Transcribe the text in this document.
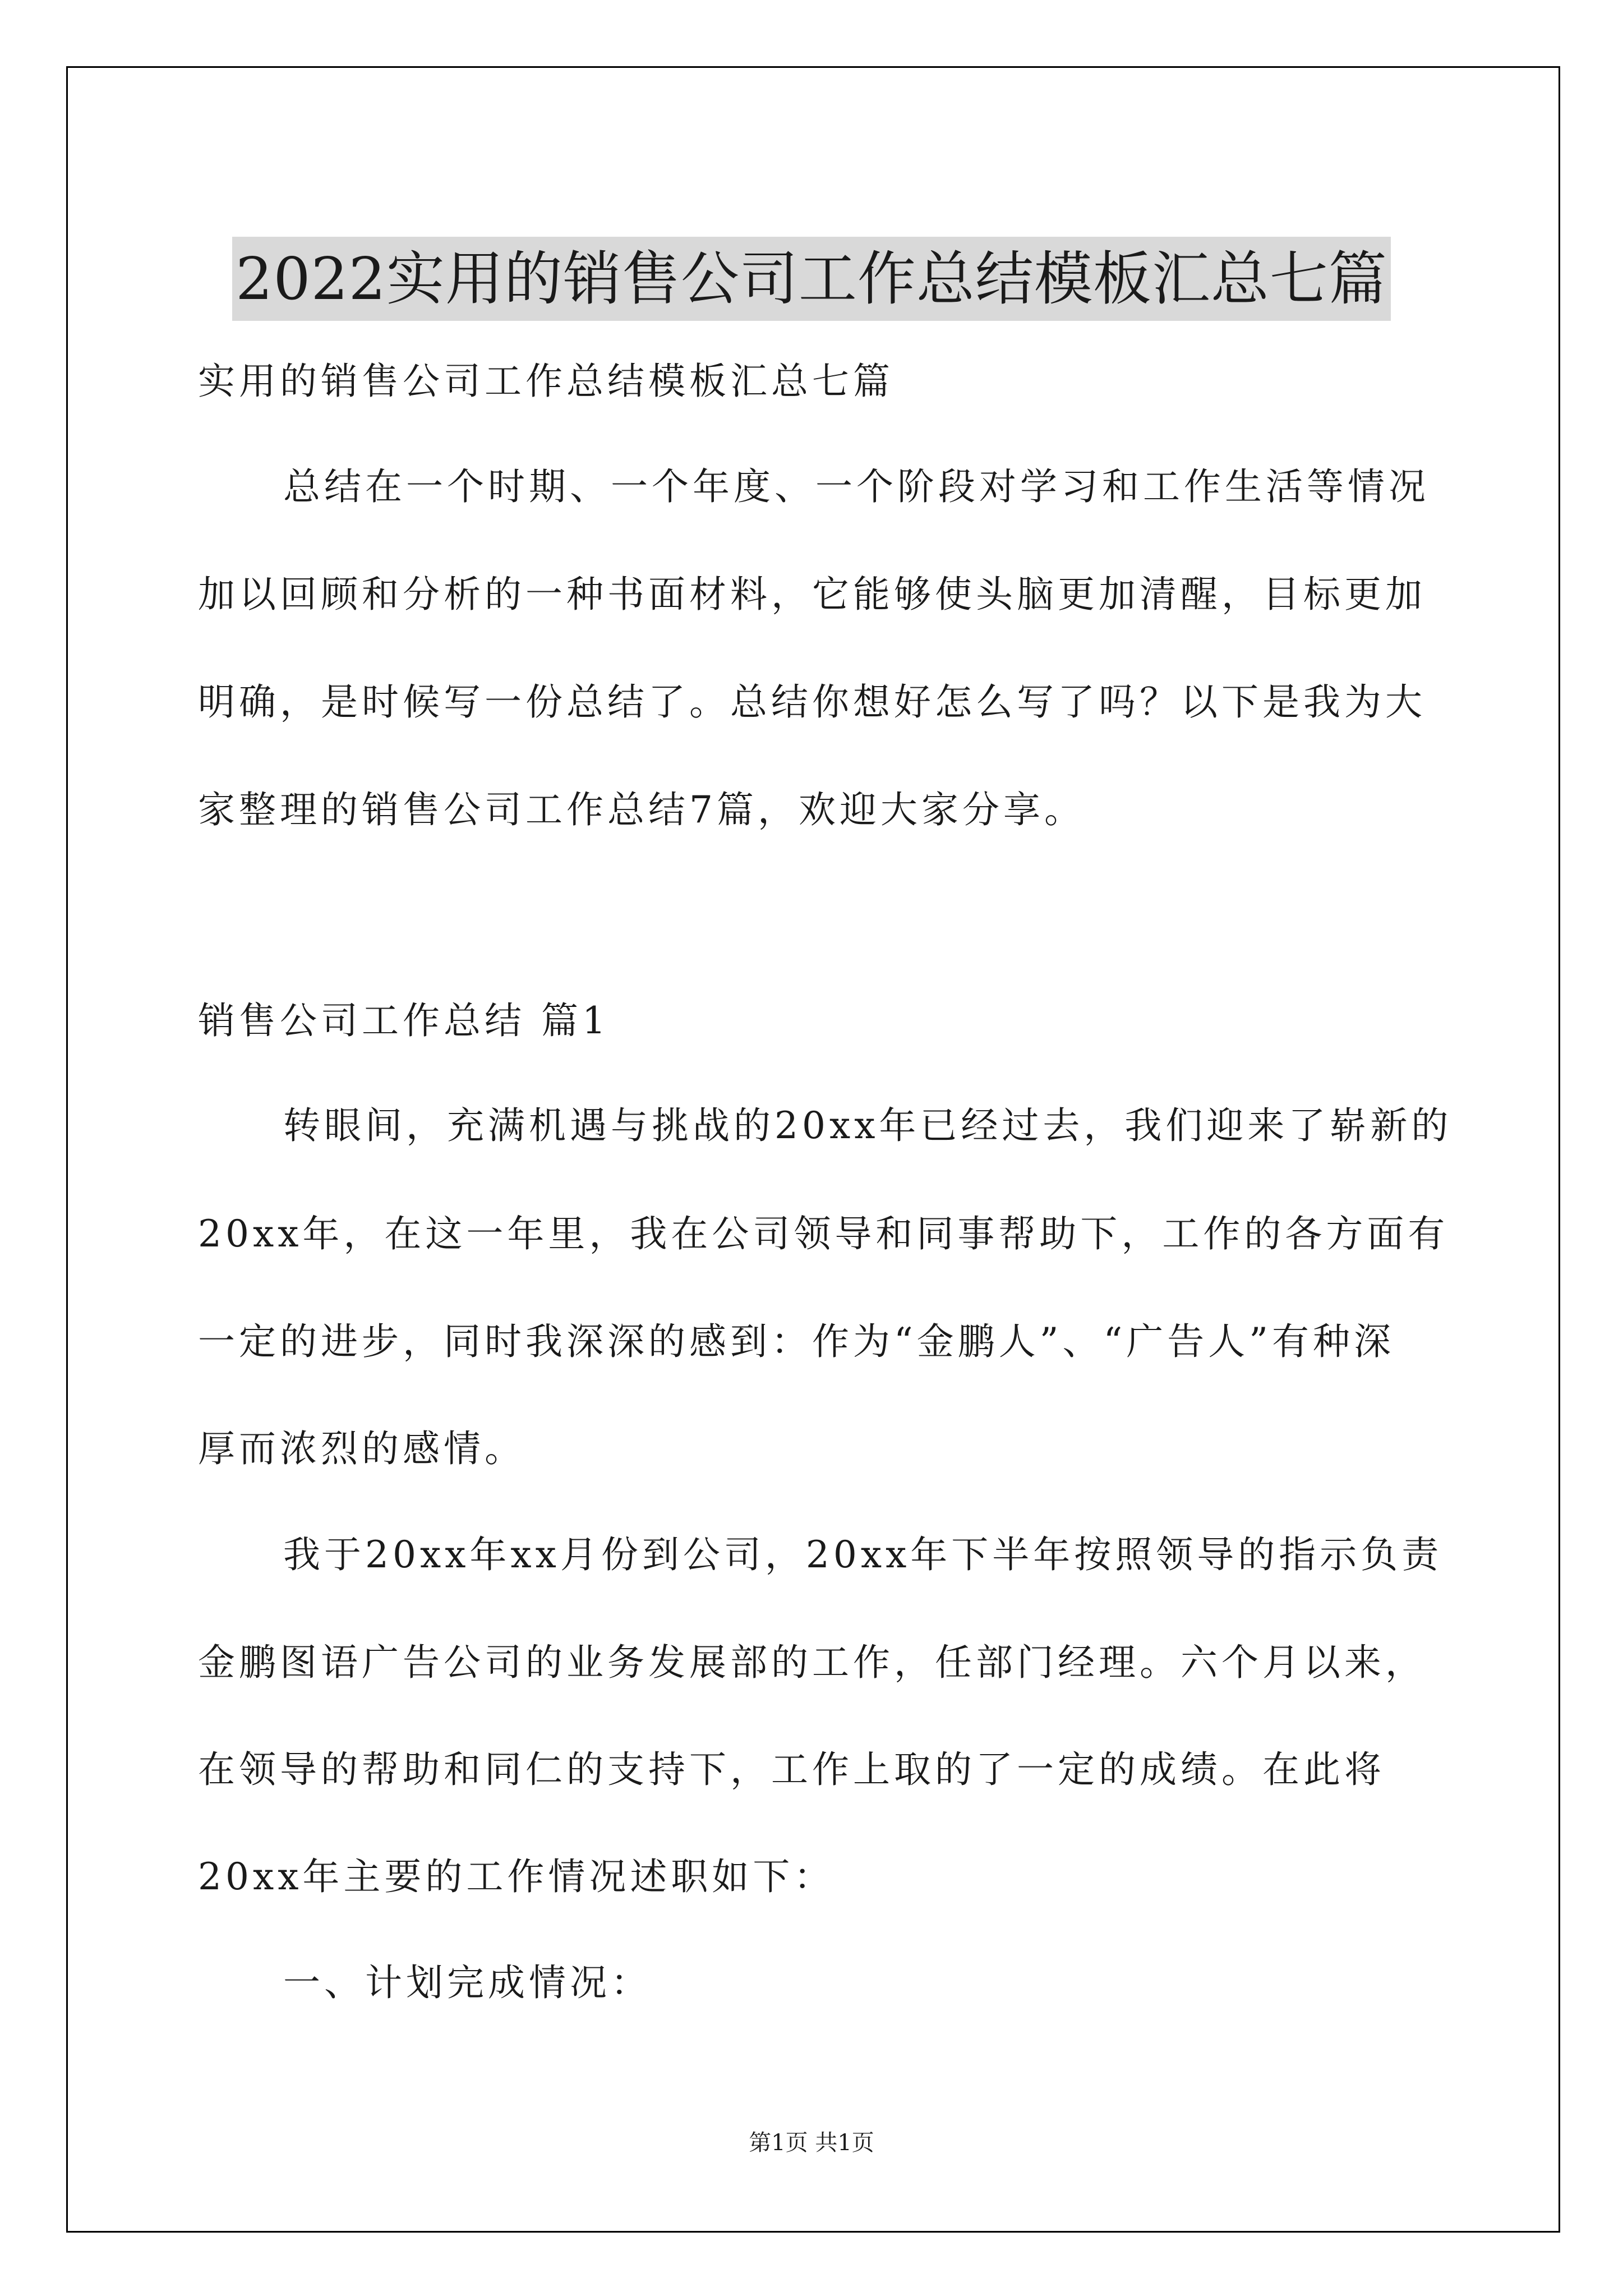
2022实用的销售公司工作总结模板汇总七篇
实用的销售公司工作总结模板汇总七篇
总结在一个时期、一个年度、一个阶段对学习和工作生活等情况
加以回顾和分析的一种书面材料，它能够使头脑更加清醒，目标更加
明确，是时候写一份总结了。总结你想好怎么写了吗？以下是我为大
家整理的销售公司工作总结7篇，欢迎大家分享。
销售公司工作总结 篇1
转眼间，充满机遇与挑战的20xx年已经过去，我们迎来了崭新的
20xx年，在这一年里，我在公司领导和同事帮助下，工作的各方面有
一定的进步，同时我深深的感到：作为“金鹏人”、“广告人”有种深
厚而浓烈的感情。
我于20xx年xx月份到公司，20xx年下半年按照领导的指示负责
金鹏图语广告公司的业务发展部的工作，任部门经理。六个月以来，
在领导的帮助和同仁的支持下，工作上取的了一定的成绩。在此将
20xx年主要的工作情况述职如下：
一、计划完成情况：
第1页 共1页
